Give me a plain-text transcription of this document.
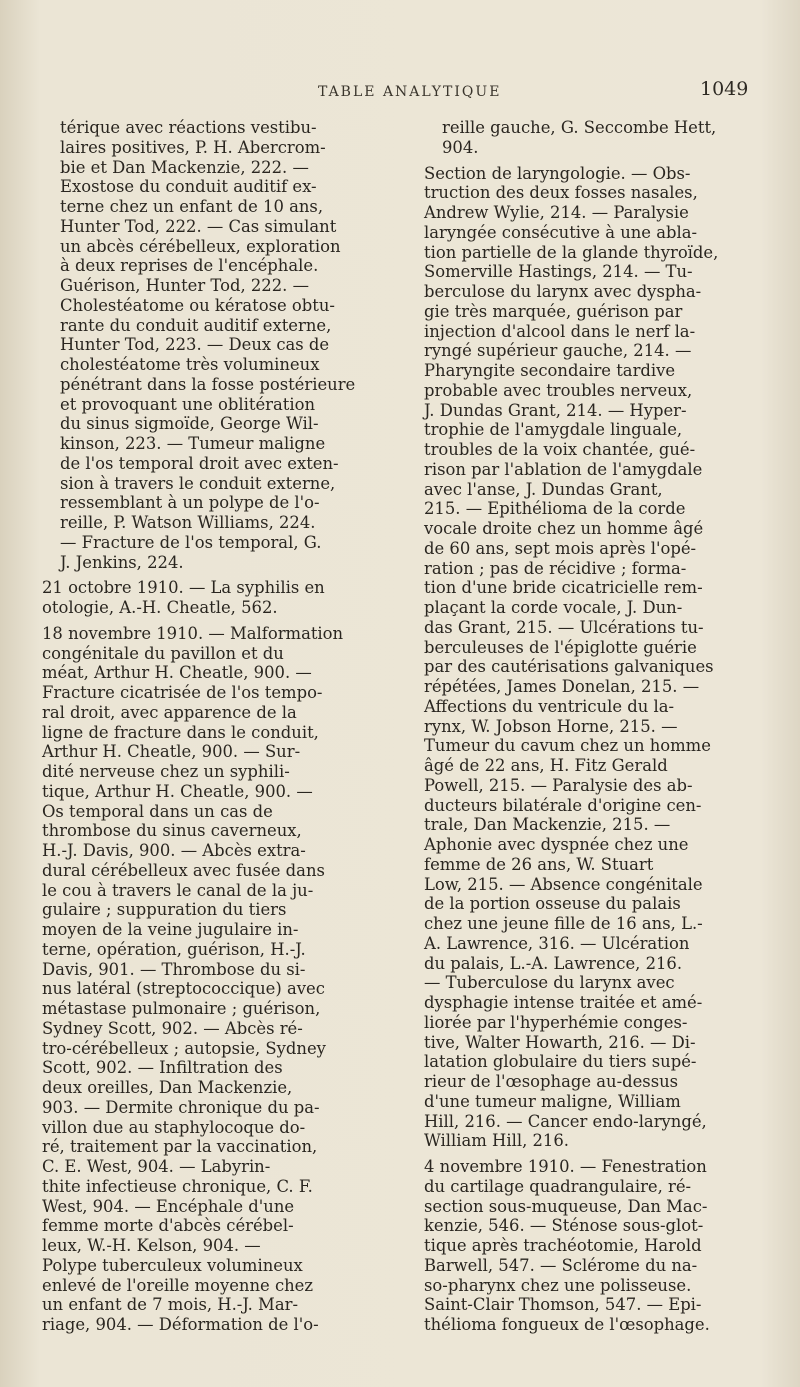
TABLE ANALYTIQUE	1049
térique avec réactions vestibu-
laires positives, P. H. Abercrom-
bie et Dan Mackenzie, 222. —
Exostose du conduit auditif ex-
terne chez un enfant de 10 ans,
Hunter Tod, 222. — Cas simulant
un abcès cérébelleux, exploration
à deux reprises de l'encéphale.
Guérison, Hunter Tod, 222. —
Cholestéatome ou kératose obtu-
rante du conduit auditif externe,
Hunter Tod, 223. — Deux cas de
cholestéatome très volumineux
pénétrant dans la fosse postérieure
et provoquant une oblitération
du sinus sigmoïde, George Wil-
kinson, 223. — Tumeur maligne
de l'os temporal droit avec exten-
sion à travers le conduit externe,
ressemblant à un polype de l'o-
reille, P. Watson Williams, 224.
— Fracture de l'os temporal, G.
J. Jenkins, 224.
21 octobre 1910. — La syphilis en
otologie, A.-H. Cheatle, 562.
18 novembre 1910. — Malformation
congénitale du pavillon et du
méat, Arthur H. Cheatle, 900. —
Fracture cicatrisée de l'os tempo-
ral droit, avec apparence de la
ligne de fracture dans le conduit,
Arthur H. Cheatle, 900. — Sur-
dité nerveuse chez un syphili-
tique, Arthur H. Cheatle, 900. —
Os temporal dans un cas de
thrombose du sinus caverneux,
H.-J. Davis, 900. — Abcès extra-
dural cérébelleux avec fusée dans
le cou à travers le canal de la ju-
gulaire ; suppuration du tiers
moyen de la veine jugulaire in-
terne, opération, guérison, H.-J.
Davis, 901. — Thrombose du si-
nus latéral (streptococcique) avec
métastase pulmonaire ; guérison,
Sydney Scott, 902. — Abcès ré-
tro-cérébelleux ; autopsie, Sydney
Scott, 902. — Infiltration des
deux oreilles, Dan Mackenzie,
903. — Dermite chronique du pa-
villon due au staphylocoque do-
ré, traitement par la vaccination,
C. E. West, 904. — Labyrin-
thite infectieuse chronique, C. F.
West, 904. — Encéphale d'une
femme morte d'abcès cérébel-
leux, W.-H. Kelson, 904. —
Polype tuberculeux volumineux
enlevé de l'oreille moyenne chez
un enfant de 7 mois, H.-J. Mar-
riage, 904. — Déformation de l'o-
reille gauche, G. Seccombe Hett,
904.
Section de laryngologie. — Obs-
truction des deux fosses nasales,
Andrew Wylie, 214. — Paralysie
laryngée consécutive à une abla-
tion partielle de la glande thyroïde,
Somerville Hastings, 214. — Tu-
berculose du larynx avec dyspha-
gie très marquée, guérison par
injection d'alcool dans le nerf la-
ryngé supérieur gauche, 214. —
Pharyngite secondaire tardive
probable avec troubles nerveux,
J. Dundas Grant, 214. — Hyper-
trophie de l'amygdale linguale,
troubles de la voix chantée, gué-
rison par l'ablation de l'amygdale
avec l'anse, J. Dundas Grant,
215. — Epithélioma de la corde
vocale droite chez un homme âgé
de 60 ans, sept mois après l'opé-
ration ; pas de récidive ; forma-
tion d'une bride cicatricielle rem-
plaçant la corde vocale, J. Dun-
das Grant, 215. — Ulcérations tu-
berculeuses de l'épiglotte guérie
par des cautérisations galvaniques
répétées, James Donelan, 215. —
Affections du ventricule du la-
rynx, W. Jobson Horne, 215. —
Tumeur du cavum chez un homme
âgé de 22 ans, H. Fitz Gerald
Powell, 215. — Paralysie des ab-
ducteurs bilatérale d'origine cen-
trale, Dan Mackenzie, 215. —
Aphonie avec dyspnée chez une
femme de 26 ans, W. Stuart
Low, 215. — Absence congénitale
de la portion osseuse du palais
chez une jeune fille de 16 ans, L.-
A. Lawrence, 316. — Ulcération
du palais, L.-A. Lawrence, 216.
— Tuberculose du larynx avec
dysphagie intense traitée et amé-
liorée par l'hyperhémie conges-
tive, Walter Howarth, 216. — Di-
latation globulaire du tiers supé-
rieur de l'œsophage au-dessus
d'une tumeur maligne, William
Hill, 216. — Cancer endo-laryngé,
William Hill, 216.
4 novembre 1910. — Fenestration
du cartilage quadrangulaire, ré-
section sous-muqueuse, Dan Mac-
kenzie, 546. — Sténose sous-glot-
tique après trachéotomie, Harold
Barwell, 547. — Sclérome du na-
so-pharynx chez une polisseuse.
Saint-Clair Thomson, 547. — Epi-
thélioma fongueux de l'œsophage.
